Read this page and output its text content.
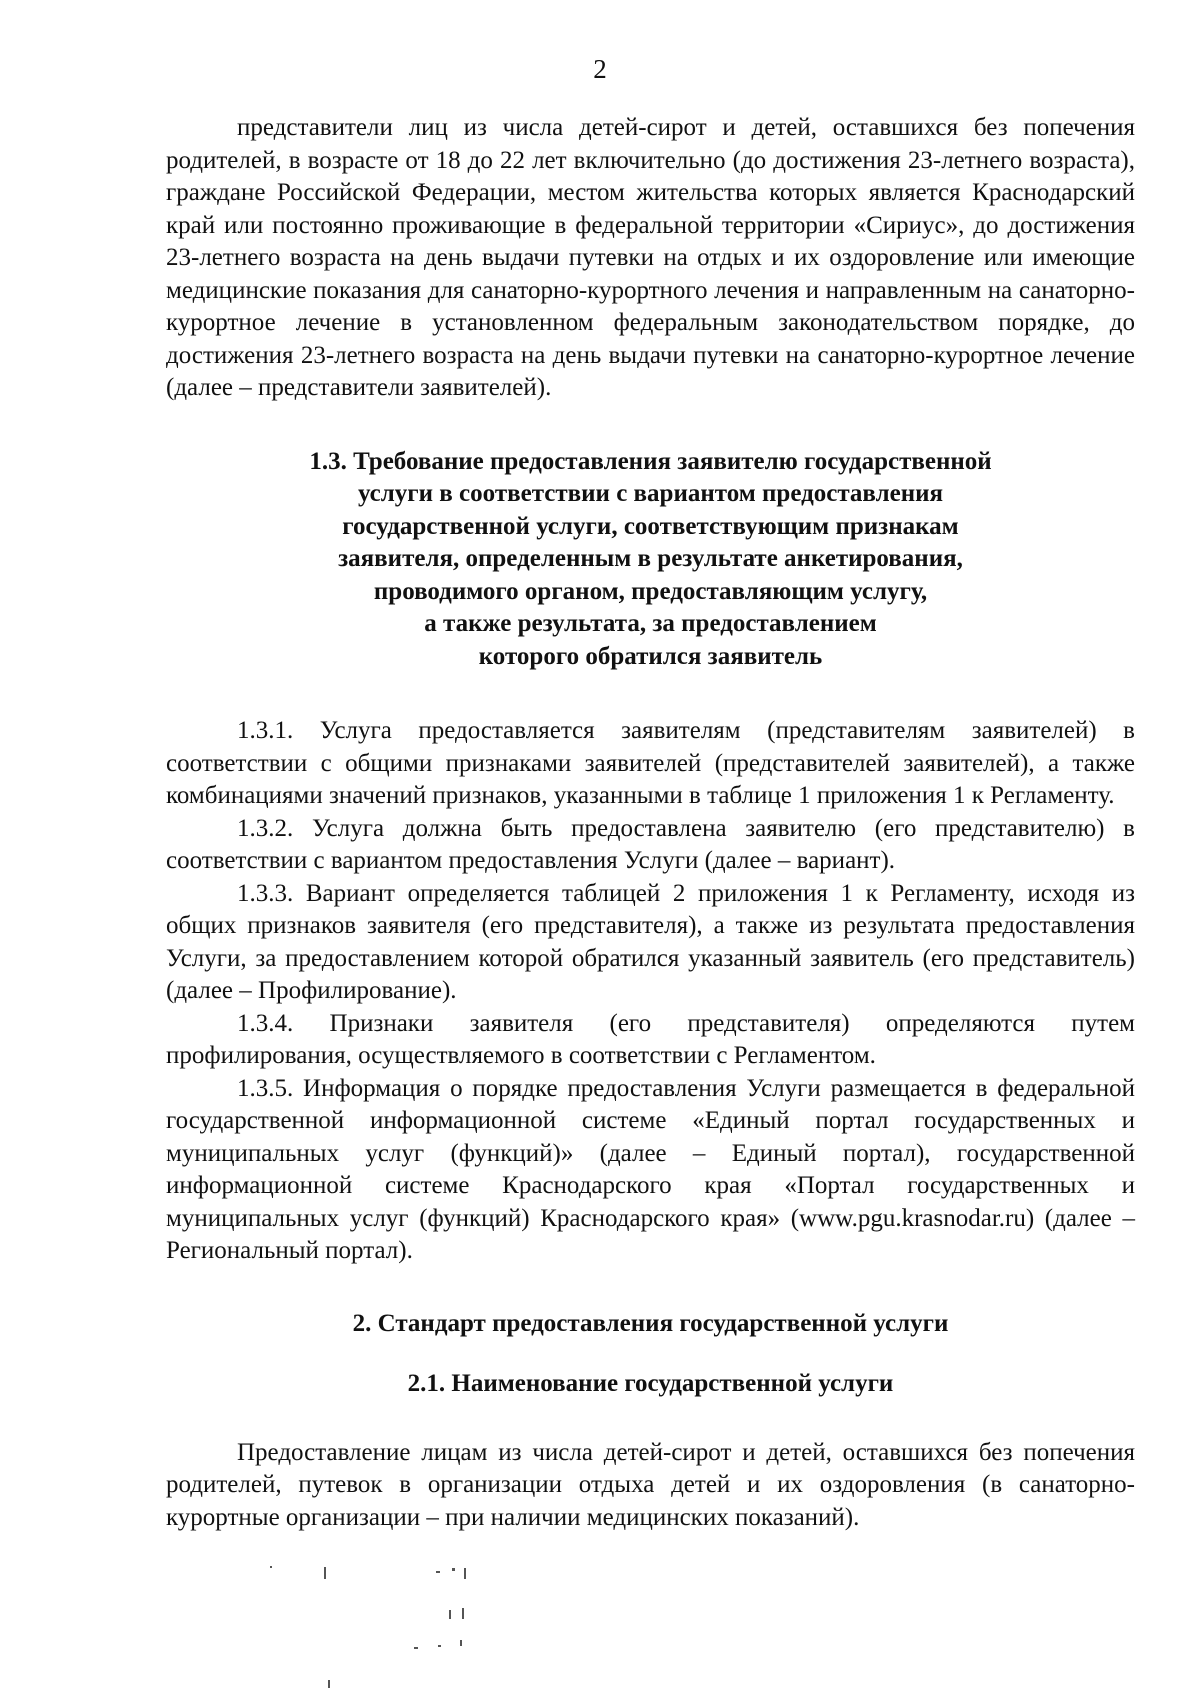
2

представители лиц из числа детей-сирот и детей, оставшихся без попечения родителей, в возрасте от 18 до 22 лет включительно (до достижения 23-летнего возраста), граждане Российской Федерации, местом жительства которых является Краснодарский край или постоянно проживающие в федеральной территории «Сириус», до достижения 23-летнего возраста на день выдачи путевки на отдых и их оздоровление или имеющие медицинские показания для санаторно-курортного лечения и направленным на санаторно-курортное лечение в установленном федеральным законодательством порядке, до достижения 23-летнего возраста на день выдачи путевки на санаторно-курортное лечение (далее – представители заявителей).

1.3. Требование предоставления заявителю государственной
услуги в соответствии с вариантом предоставления
государственной услуги, соответствующим признакам
заявителя, определенным в результате анкетирования,
проводимого органом, предоставляющим услугу,
а также результата, за предоставлением
которого обратился заявитель

1.3.1. Услуга предоставляется заявителям (представителям заявителей) в соответствии с общими признаками заявителей (представителей заявителей), а также комбинациями значений признаков, указанными в таблице 1 приложения 1 к Регламенту.

1.3.2. Услуга должна быть предоставлена заявителю (его представителю) в соответствии с вариантом предоставления Услуги (далее – вариант).

1.3.3. Вариант определяется таблицей 2 приложения 1 к Регламенту, исходя из общих признаков заявителя (его представителя), а также из результата предоставления Услуги, за предоставлением которой обратился указанный заявитель (его представитель) (далее – Профилирование).

1.3.4. Признаки заявителя (его представителя) определяются путем профилирования, осуществляемого в соответствии с Регламентом.

1.3.5. Информация о порядке предоставления Услуги размещается в федеральной государственной информационной системе «Единый портал государственных и муниципальных услуг (функций)» (далее – Единый портал), государственной информационной системе Краснодарского края «Портал государственных и муниципальных услуг (функций) Краснодарского края» (www.pgu.krasnodar.ru) (далее – Региональный портал).

2. Стандарт предоставления государственной услуги
2.1. Наименование государственной услуги

Предоставление лицам из числа детей-сирот и детей, оставшихся без попечения родителей, путевок в организации отдыха детей и их оздоровления (в санаторно-курортные организации – при наличии медицинских показаний).
